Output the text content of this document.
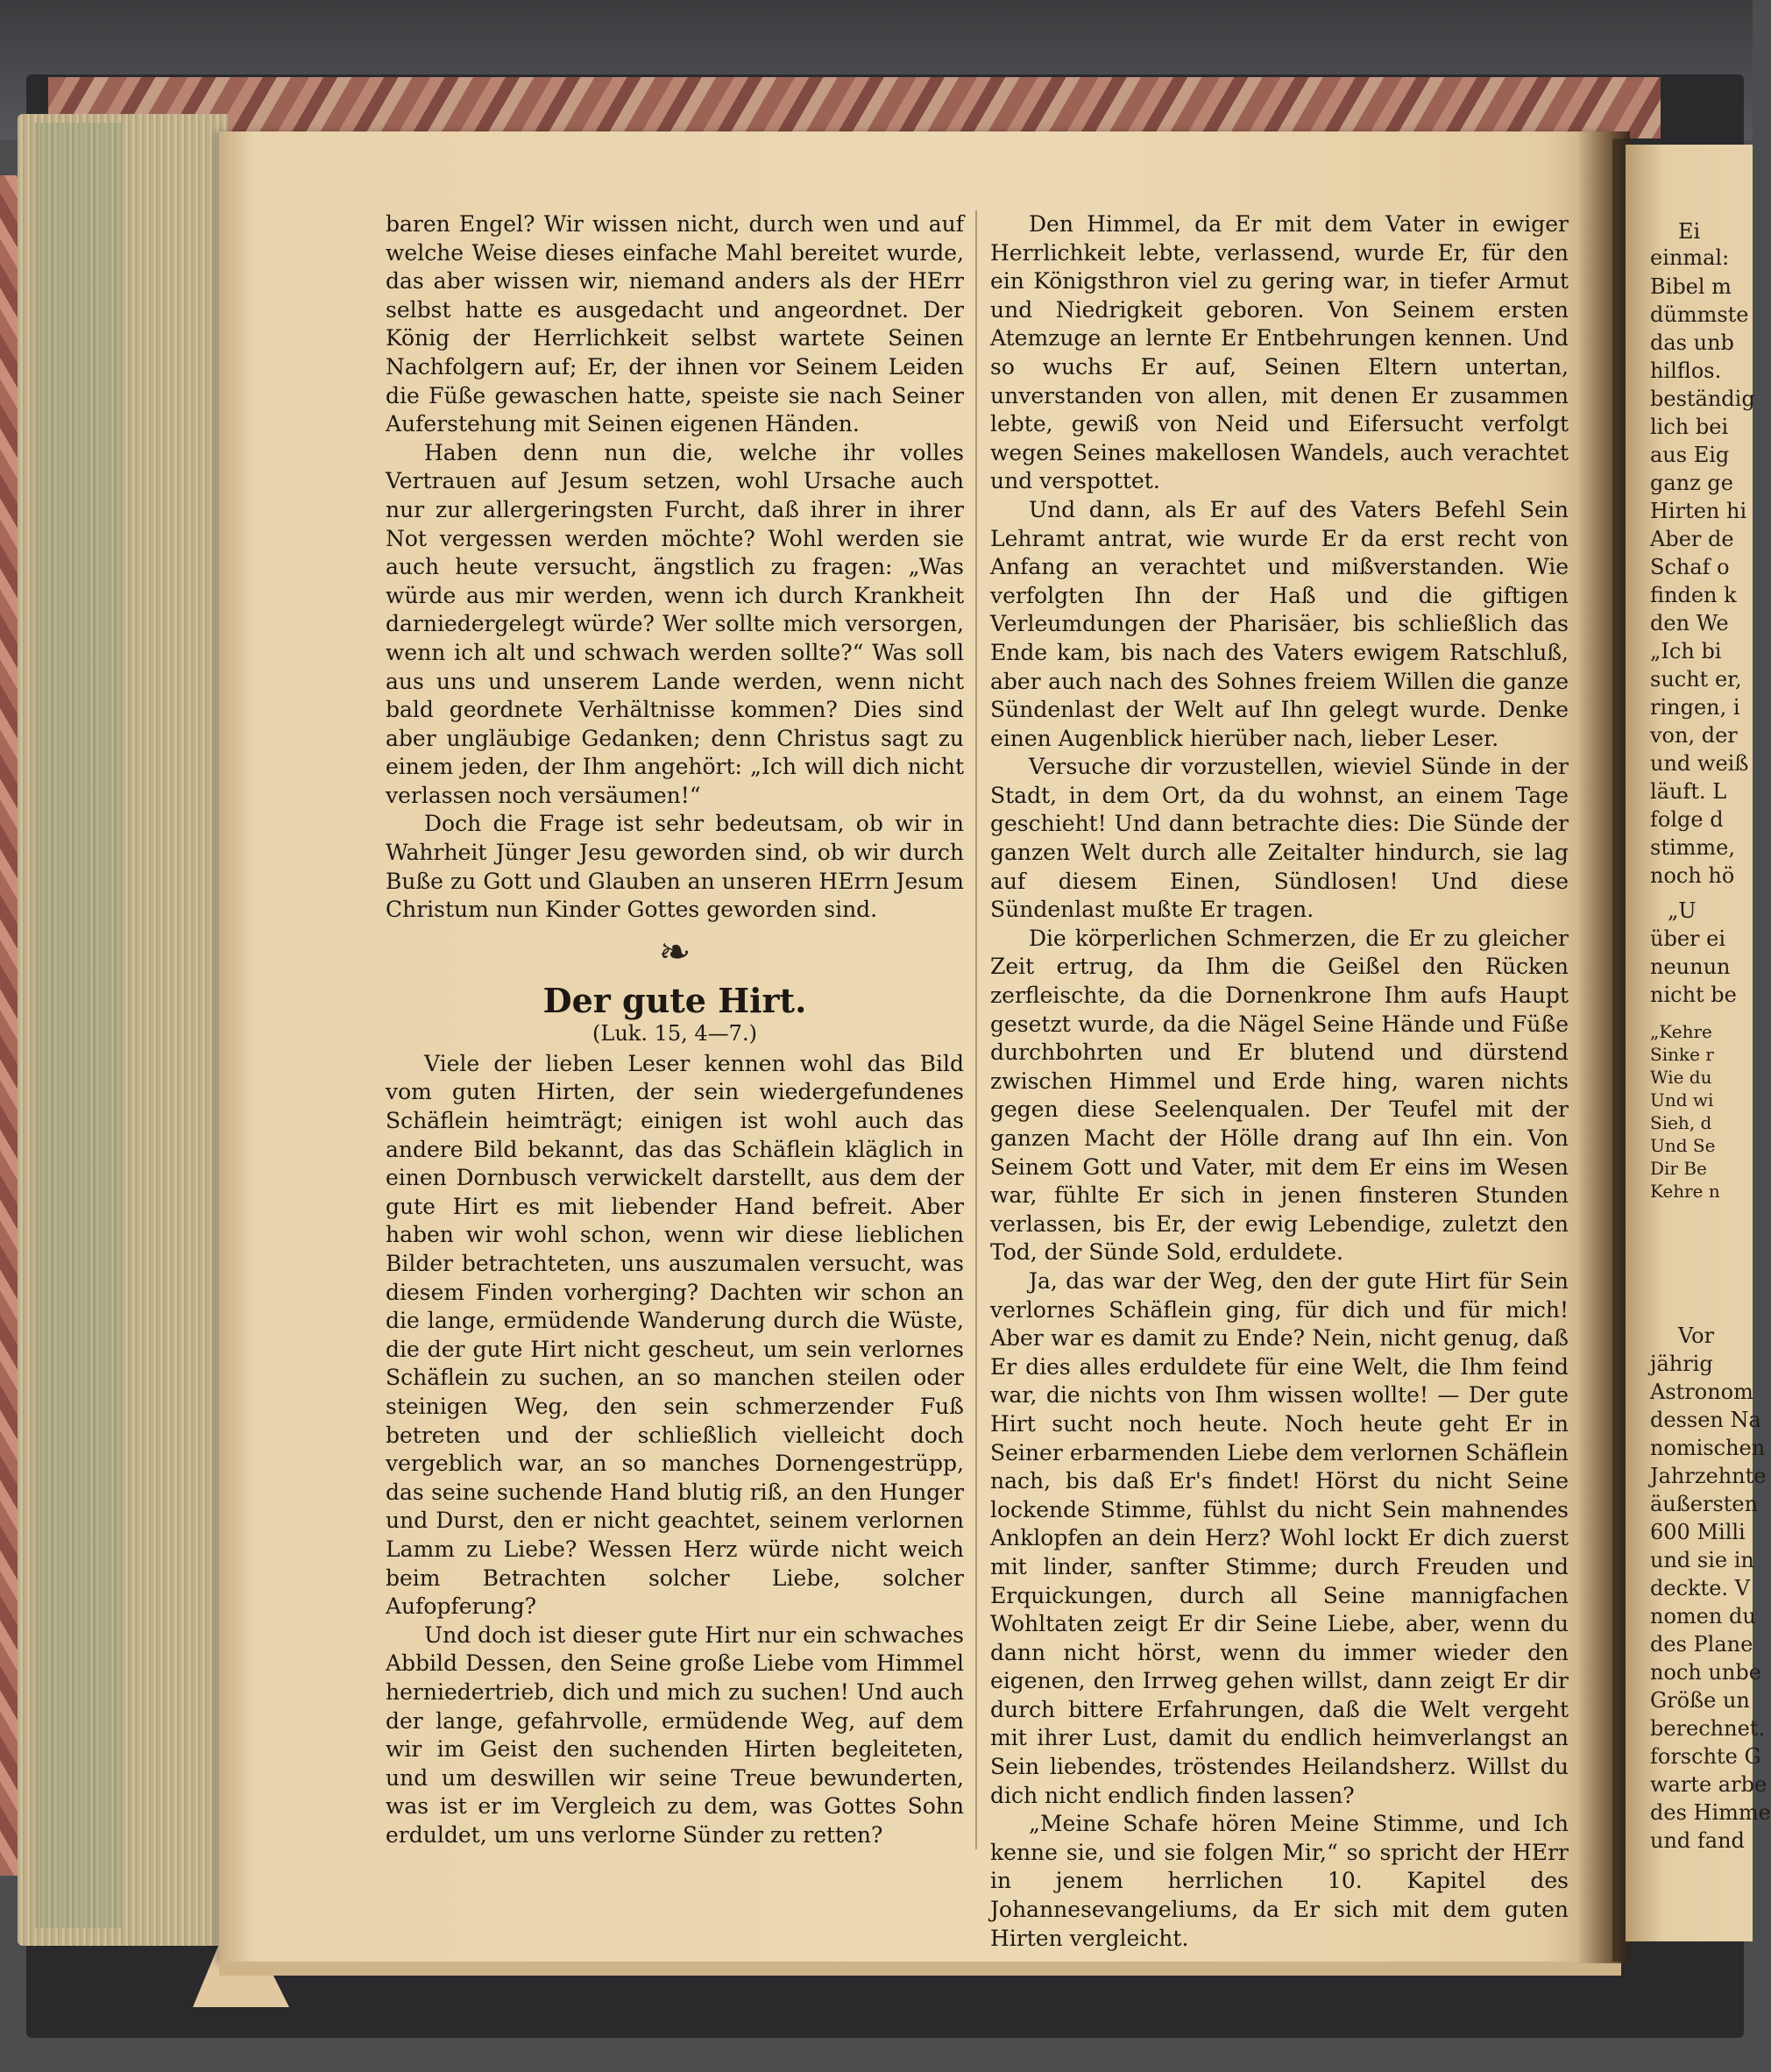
baren Engel? Wir wissen nicht, durch wen und auf welche Weise dieses einfache Mahl bereitet wurde, das aber wissen wir, niemand anders als der HErr selbst hatte es ausgedacht und angeordnet. Der König der Herrlichkeit selbst wartete Seinen Nachfolgern auf; Er, der ihnen vor Seinem Leiden die Füße gewaschen hatte, speiste sie nach Seiner Auferstehung mit Seinen eigenen Händen.

Haben denn nun die, welche ihr volles Vertrauen auf Jesum setzen, wohl Ursache auch nur zur allergeringsten Furcht, daß ihrer in ihrer Not vergessen werden möchte? Wohl werden sie auch heute versucht, ängstlich zu fragen: „Was würde aus mir werden, wenn ich durch Krankheit darniedergelegt würde? Wer sollte mich versorgen, wenn ich alt und schwach werden sollte?“ Was soll aus uns und unserem Lande werden, wenn nicht bald geordnete Verhältnisse kommen? Dies sind aber ungläubige Gedanken; denn Christus sagt zu einem jeden, der Ihm angehört: „Ich will dich nicht verlassen noch versäumen!“

Doch die Frage ist sehr bedeutsam, ob wir in Wahrheit Jünger Jesu geworden sind, ob wir durch Buße zu Gott und Glauben an unseren HErrn Jesum Christum nun Kinder Gottes geworden sind.

❧
Der gute Hirt.
(Luk. 15, 4—7.)

Viele der lieben Leser kennen wohl das Bild vom guten Hirten, der sein wiedergefundenes Schäflein heimträgt; einigen ist wohl auch das andere Bild bekannt, das das Schäflein kläglich in einen Dornbusch verwickelt darstellt, aus dem der gute Hirt es mit liebender Hand befreit. Aber haben wir wohl schon, wenn wir diese lieblichen Bilder betrachteten, uns auszumalen versucht, was diesem Finden vorherging? Dachten wir schon an die lange, ermüdende Wanderung durch die Wüste, die der gute Hirt nicht gescheut, um sein verlornes Schäflein zu suchen, an so manchen steilen oder steinigen Weg, den sein schmerzender Fuß betreten und der schließlich vielleicht doch vergeblich war, an so manches Dornengestrüpp, das seine suchende Hand blutig riß, an den Hunger und Durst, den er nicht geachtet, seinem verlornen Lamm zu Liebe? Wessen Herz würde nicht weich beim Betrachten solcher Liebe, solcher Aufopferung?

Und doch ist dieser gute Hirt nur ein schwaches Abbild Dessen, den Seine große Liebe vom Himmel herniedertrieb, dich und mich zu suchen! Und auch der lange, gefahrvolle, ermüdende Weg, auf dem wir im Geist den suchenden Hirten begleiteten, und um deswillen wir seine Treue bewunderten, was ist er im Vergleich zu dem, was Gottes Sohn erduldet, um uns verlorne Sünder zu retten?

Den Himmel, da Er mit dem Vater in ewiger Herrlichkeit lebte, verlassend, wurde Er, für den ein Königsthron viel zu gering war, in tiefer Armut und Niedrigkeit geboren. Von Seinem ersten Atemzuge an lernte Er Entbehrungen kennen. Und so wuchs Er auf, Seinen Eltern untertan, unverstanden von allen, mit denen Er zusammen lebte, gewiß von Neid und Eifersucht verfolgt wegen Seines makellosen Wandels, auch verachtet und verspottet.

Und dann, als Er auf des Vaters Befehl Sein Lehramt antrat, wie wurde Er da erst recht von Anfang an verachtet und mißverstanden. Wie verfolgten Ihn der Haß und die giftigen Verleumdungen der Pharisäer, bis schließlich das Ende kam, bis nach des Vaters ewigem Ratschluß, aber auch nach des Sohnes freiem Willen die ganze Sündenlast der Welt auf Ihn gelegt wurde. Denke einen Augenblick hierüber nach, lieber Leser.

Versuche dir vorzustellen, wieviel Sünde in der Stadt, in dem Ort, da du wohnst, an einem Tage geschieht! Und dann betrachte dies: Die Sünde der ganzen Welt durch alle Zeitalter hindurch, sie lag auf diesem Einen, Sündlosen! Und diese Sündenlast mußte Er tragen.

Die körperlichen Schmerzen, die Er zu gleicher Zeit ertrug, da Ihm die Geißel den Rücken zerfleischte, da die Dornenkrone Ihm aufs Haupt gesetzt wurde, da die Nägel Seine Hände und Füße durchbohrten und Er blutend und dürstend zwischen Himmel und Erde hing, waren nichts gegen diese Seelenqualen. Der Teufel mit der ganzen Macht der Hölle drang auf Ihn ein. Von Seinem Gott und Vater, mit dem Er eins im Wesen war, fühlte Er sich in jenen finsteren Stunden verlassen, bis Er, der ewig Lebendige, zuletzt den Tod, der Sünde Sold, erduldete.

Ja, das war der Weg, den der gute Hirt für Sein verlornes Schäflein ging, für dich und für mich! Aber war es damit zu Ende? Nein, nicht genug, daß Er dies alles erduldete für eine Welt, die Ihm feind war, die nichts von Ihm wissen wollte! — Der gute Hirt sucht noch heute. Noch heute geht Er in Seiner erbarmenden Liebe dem verlornen Schäflein nach, bis daß Er's findet! Hörst du nicht Seine lockende Stimme, fühlst du nicht Sein mahnendes Anklopfen an dein Herz? Wohl lockt Er dich zuerst mit linder, sanfter Stimme; durch Freuden und Erquickungen, durch all Seine mannigfachen Wohltaten zeigt Er dir Seine Liebe, aber, wenn du dann nicht hörst, wenn du immer wieder den eigenen, den Irrweg gehen willst, dann zeigt Er dir durch bittere Erfahrungen, daß die Welt vergeht mit ihrer Lust, damit du endlich heimverlangst an Sein liebendes, tröstendes Heilandsherz. Willst du dich nicht endlich finden lassen?

„Meine Schafe hören Meine Stimme, und Ich kenne sie, und sie folgen Mir,“ so spricht der HErr in jenem herrlichen 10. Kapitel des Johannesevangeliums, da Er sich mit dem guten Hirten vergleicht.

Ei
einmal:
Bibel m
dümmste
das unb
hilflos.
beständig
lich bei
aus Eig
ganz ge
Hirten hi
Aber de
Schaf o
finden k
den We
„Ich bi
sucht er,
ringen, i
von, der
und weiß
läuft. L
folge d
stimme,
noch hö
„U
über ei
neunun
nicht be
„Kehre
Sinke r
Wie du
Und wi
Sieh, d
Und Se
Dir Be
Kehre n
Vor
jährig
Astronom
dessen Na
nomischen
Jahrzehnte
äußersten
600 Milli
und sie in
deckte. V
nomen du
des Plane
noch unbe
Größe un
berechnet.
forschte G
warte arbe
des Himme
und fand
